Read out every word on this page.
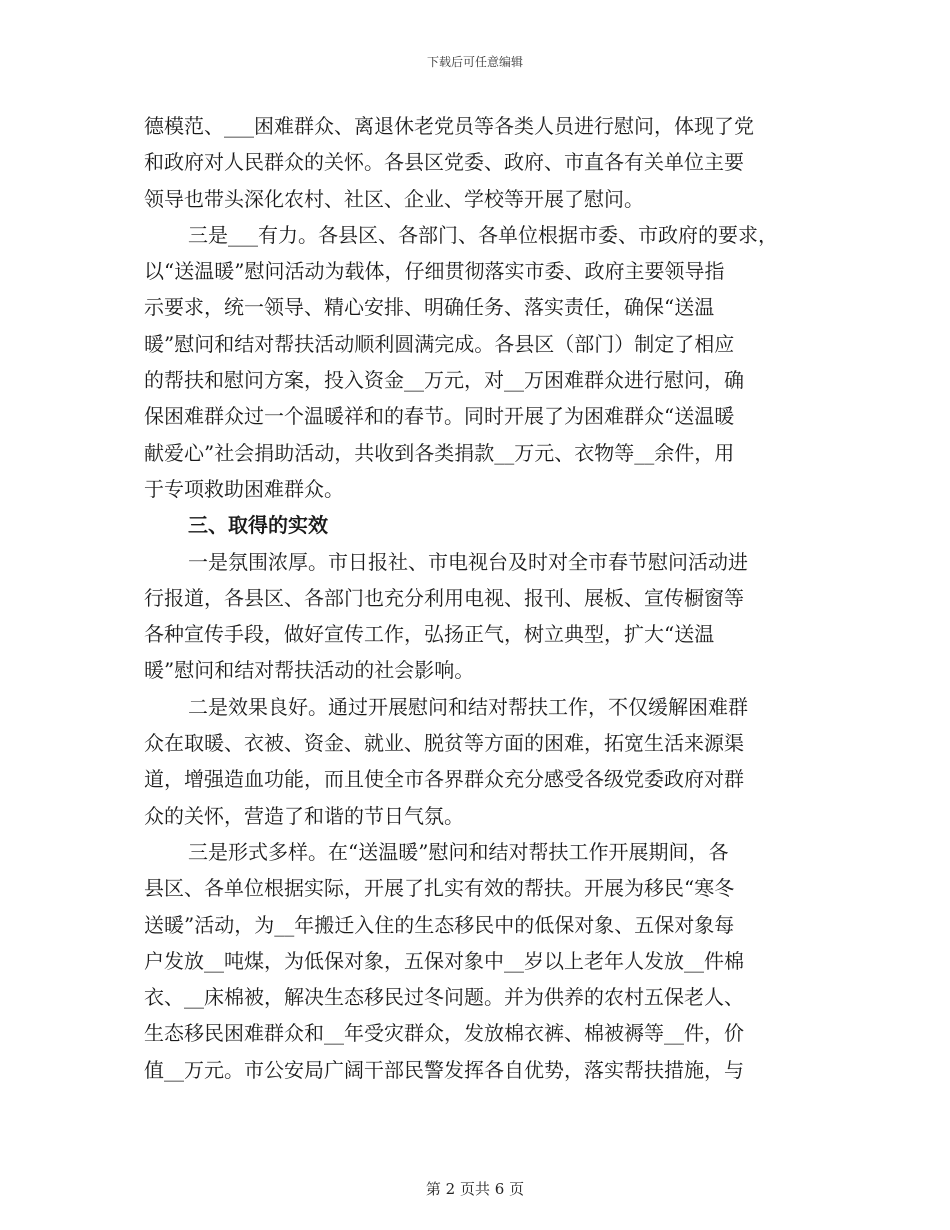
下载后可任意编辑
德模范、___困难群众、离退休老党员等各类人员进行慰问，体现了党
和政府对人民群众的关怀。各县区党委、政府、市直各有关单位主要
领导也带头深化农村、社区、企业、学校等开展了慰问。
三是___有力。各县区、各部门、各单位根据市委、市政府的要求，
以“送温暖”慰问活动为载体，仔细贯彻落实市委、政府主要领导指
示要求，统一领导、精心安排、明确任务、落实责任，确保“送温
暖”慰问和结对帮扶活动顺利圆满完成。各县区（部门）制定了相应
的帮扶和慰问方案，投入资金__万元，对__万困难群众进行慰问，确
保困难群众过一个温暖祥和的春节。同时开展了为困难群众“送温暖
献爱心”社会捐助活动，共收到各类捐款__万元、衣物等__余件，用
于专项救助困难群众。
三、取得的实效
一是氛围浓厚。市日报社、市电视台及时对全市春节慰问活动进
行报道，各县区、各部门也充分利用电视、报刊、展板、宣传橱窗等
各种宣传手段，做好宣传工作，弘扬正气，树立典型，扩大“送温
暖”慰问和结对帮扶活动的社会影响。
二是效果良好。通过开展慰问和结对帮扶工作，不仅缓解困难群
众在取暖、衣被、资金、就业、脱贫等方面的困难，拓宽生活来源渠
道，增强造血功能，而且使全市各界群众充分感受各级党委政府对群
众的关怀，营造了和谐的节日气氛。
三是形式多样。在“送温暖”慰问和结对帮扶工作开展期间，各
县区、各单位根据实际，开展了扎实有效的帮扶。开展为移民“寒冬
送暖”活动，为__年搬迁入住的生态移民中的低保对象、五保对象每
户发放__吨煤，为低保对象，五保对象中__岁以上老年人发放__件棉
衣、__床棉被，解决生态移民过冬问题。并为供养的农村五保老人、
生态移民困难群众和__年受灾群众，发放棉衣裤、棉被褥等__件，价
值__万元。市公安局广阔干部民警发挥各自优势，落实帮扶措施，与
第 2 页共 6 页
